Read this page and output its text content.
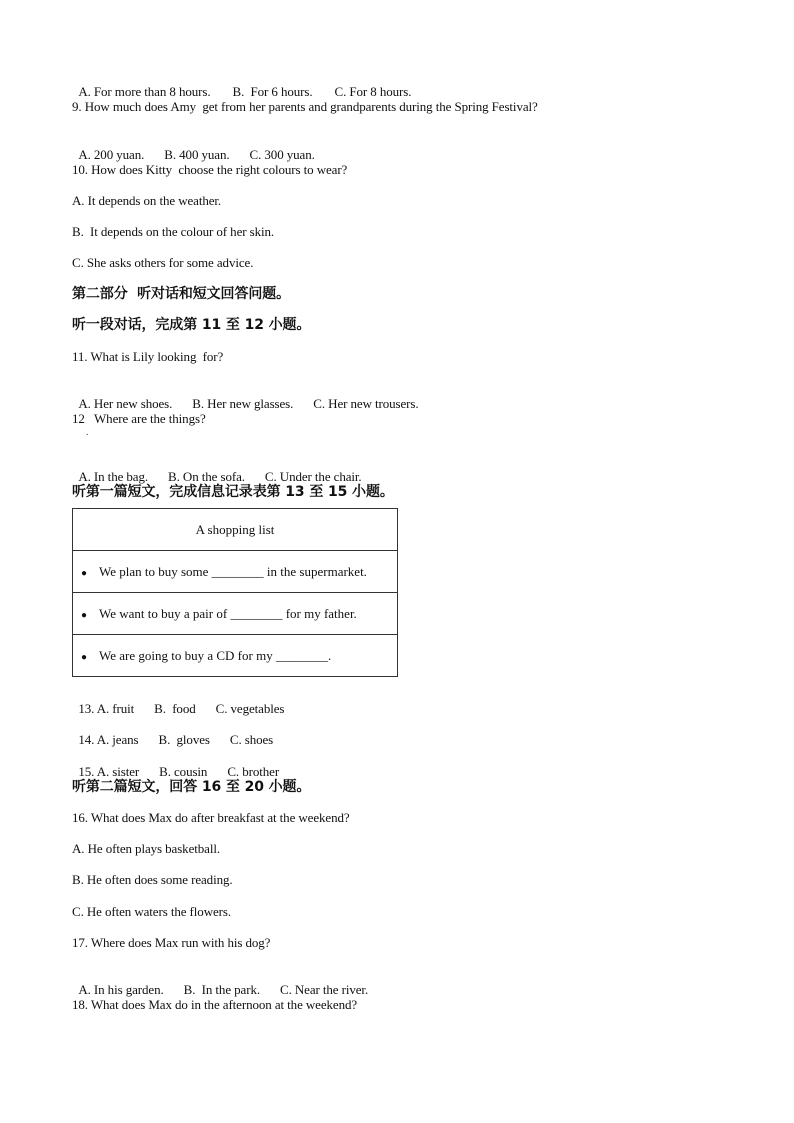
A. For more than 8 hours. B.  For 6 hours. C. For 8 hours.

9. How much does Amy  get from her parents and grandparents during the Spring Festival?

A. 200 yuan. B. 400 yuan. C. 300 yuan.

10. How does Kitty  choose the right colours to wear?
A. It depends on the weather.
B.  It depends on the colour of her skin.
C. She asks others for some advice.
第二部分  听对话和短文回答问题。
听一段对话，完成第 11 至 12 小题。
11. What is Lily looking  for?

A. Her new shoes. B. Her new glasses. C. Her new trousers.

12   Where are the things?
.

A. In the bag. B. On the sofa. C. Under the chair.

听第一篇短文，完成信息记录表第 13 至 15 小题。
A shopping list
● We plan to buy some ________ in the supermarket.
● We want to buy a pair of ________ for my father.
● We are going to buy a CD for my ________.

13. A. fruit B.  food C. vegetables

14. A. jeans B.  gloves C. shoes

15. A. sister B. cousin C. brother

听第二篇短文，回答 16 至 20 小题。
16. What does Max do after breakfast at the weekend?
A. He often plays basketball.
B. He often does some reading.
C. He often waters the flowers.
17. Where does Max run with his dog?

A. In his garden. B.  In the park. C. Near the river.

18. What does Max do in the afternoon at the weekend?
